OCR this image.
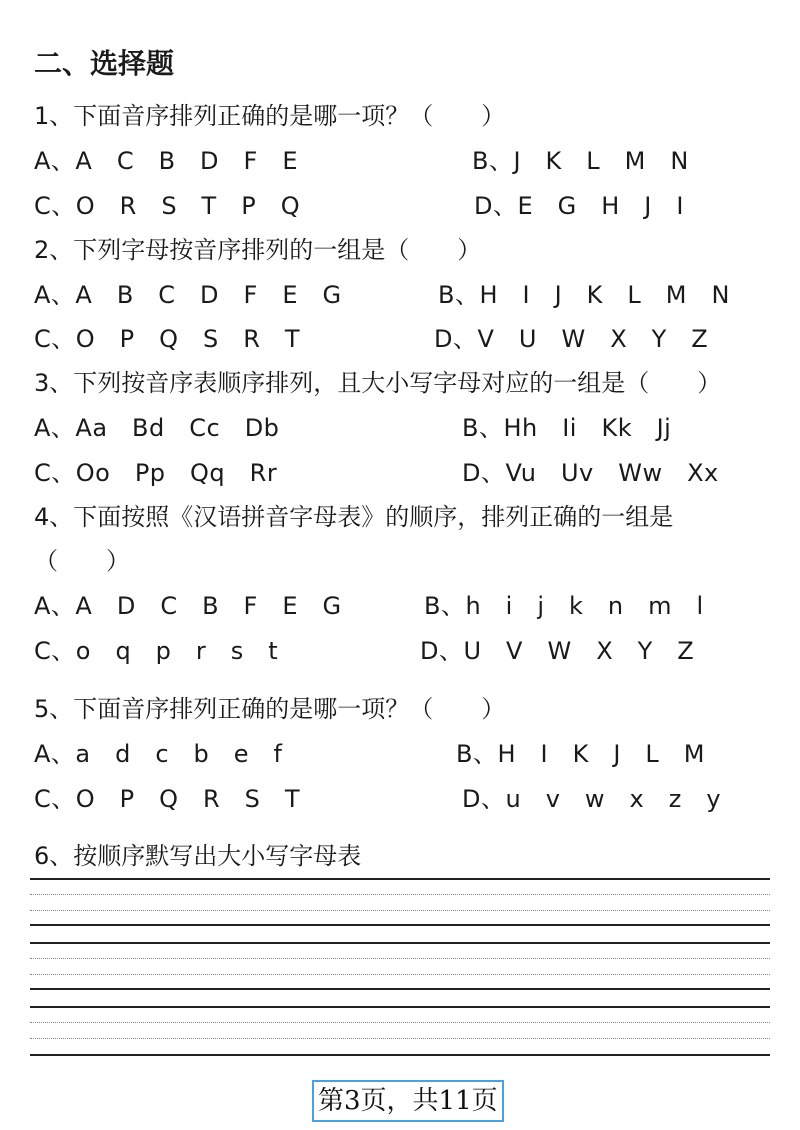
二、选择题

1、下面音序排列正确的是哪一项？（　　）

A、A　C　B　D　F　E	B、J　K　L　M　N
C、O　R　S　T　P　Q	D、E　G　H　J　I

2、下列字母按音序排列的一组是（　　）

A、A　B　C　D　F　E　G	B、H　I　J　K　L　M　N
C、O　P　Q　S　R　T	D、V　U　W　X　Y　Z

3、下列按音序表顺序排列，且大小写字母对应的一组是（　　）

A、Aa　Bd　Cc　Db	B、Hh　Ii　Kk　Jj
C、Oo　Pp　Qq　Rr	D、Vu　Uv　Ww　Xx

4、下面按照《汉语拼音字母表》的顺序，排列正确的一组是

（　　）

A、A　D　C　B　F　E　G	B、h　i　j　k　n　m　l
C、o　q　p　r　s　t	D、U　V　W　X　Y　Z

5、下面音序排列正确的是哪一项？（　　）

A、a　d　c　b　e　f	B、H　I　K　J　L　M
C、O　P　Q　R　S　T	D、u　v　w　x　z　y

6、按顺序默写出大小写字母表

第3页，共11页
